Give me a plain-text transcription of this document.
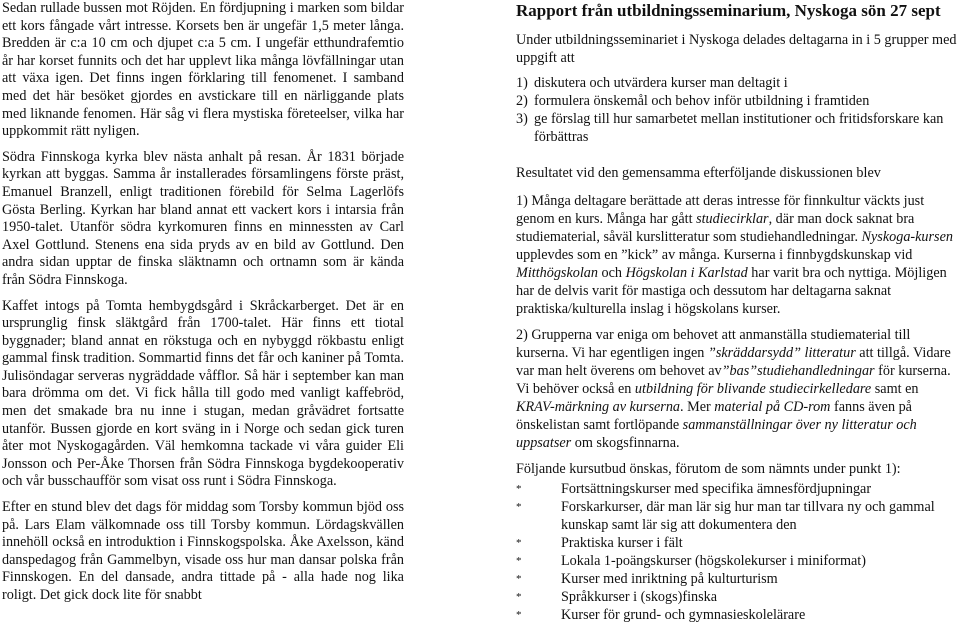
Sedan rullade bussen mot Röjden. En fördjupning i marken som bildar ett kors fångade vårt intresse. Korsets ben är ungefär 1,5 meter långa. Bredden är c:a 10 cm och djupet c:a 5 cm. I ungefär etthundrafemtio år har korset funnits och det har upplevt lika många lövfällningar utan att växa igen. Det finns ingen förklaring till fenomenet. I samband med det här besöket gjordes en avstickare till en närliggande plats med liknande fenomen. Här såg vi flera mystiska företeelser, vilka har uppkommit rätt nyligen.

Södra Finnskoga kyrka blev nästa anhalt på resan. År 1831 började kyrkan att byggas. Samma år installerades församlingens förste präst, Emanuel Branzell, enligt traditionen förebild för Selma Lagerlöfs Gösta Berling. Kyrkan har bland annat ett vackert kors i intarsia från 1950-talet. Utanför södra kyrkomuren finns en minnessten av Carl Axel Gottlund. Stenens ena sida pryds av en bild av Gottlund. Den andra sidan upptar de finska släktnamn och ortnamn som är kända från Södra Finnskoga.

Kaffet intogs på Tomta hembygdsgård i Skråckarberget. Det är en ursprunglig finsk släktgård från 1700-talet. Här finns ett tiotal byggnader; bland annat en rökstuga och en nybyggd rökbastu enligt gammal finsk tradition. Sommartid finns det får och kaniner på Tomta. Julisöndagar serveras nygräddade våfflor. Så här i september kan man bara drömma om det. Vi fick hålla till godo med vanligt kaffebröd, men det smakade bra nu inne i stugan, medan gråvädret fortsatte utanför. Bussen gjorde en kort sväng in i Norge och sedan gick turen åter mot Nyskogagården. Väl hemkomna tackade vi våra guider Eli Jonsson och Per-Åke Thorsen från Södra Finnskoga bygdekooperativ och vår busschaufför som visat oss runt i Södra Finnskoga.

Efter en stund blev det dags för middag som Torsby kommun bjöd oss på. Lars Elam välkomnade oss till Torsby kommun. Lördagskvällen innehöll också en introduktion i Finnskogspolska. Åke Axelsson, känd danspedagog från Gammelbyn, visade oss hur man dansar polska från Finnskogen. En del dansade, andra tittade på - alla hade nog lika roligt. Det gick dock lite för snabbt

Rapport från utbildningsseminarium, Nyskoga sön 27 sept

Under utbildningsseminariet i Nyskoga delades deltagarna in i 5 grupper med uppgift att

1) diskutera och utvärdera kurser man deltagit i
2) formulera önskemål och behov inför utbildning i framtiden
3) ge förslag till hur samarbetet mellan institutioner och fritidsforskare kan förbättras

Resultatet vid den gemensamma efterföljande diskussionen blev

1) Många deltagare berättade att deras intresse för finnkultur väckts just genom en kurs. Många har gått studiecirklar, där man dock saknat bra studiematerial, såväl kurslitteratur som studiehandledningar. Nyskoga-kursen upplevdes som en ”kick” av många. Kurserna i finnbygdskunskap vid Mitthögskolan och Högskolan i Karlstad har varit bra och nyttiga. Möjligen har de delvis varit för mastiga och dessutom har deltagarna saknat praktiska/kulturella inslag i högskolans kurser.
2) Grupperna var eniga om behovet att anmanställa studiematerial till kurserna. Vi har egentligen ingen ”skräddarsydd” litteratur att tillgå. Vidare var man helt överens om behovet av”bas”studiehandledningar för kurserna. Vi behöver också en utbildning för blivande studiecirkelledare samt en KRAV-märkning av kurserna. Mer material på CD-rom fanns även på önskelistan samt fortlöpande sammanställningar över ny litteratur och uppsatser om skogsfinnarna.

Följande kursutbud önskas, förutom de som nämnts under punkt 1):

*	Fortsättningskurser med specifika ämnesfördjupningar
*	Forskarkurser, där man lär sig hur man tar tillvara ny och gammal kunskap samt lär sig att dokumentera den
*	Praktiska kurser i fält
*	Lokala 1-poängskurser (högskolekurser i miniformat)
*	Kurser med inriktning på kulturturism
*	Språkkurser i (skogs)finska
*	Kurser för grund- och gymnasieskolelärare
